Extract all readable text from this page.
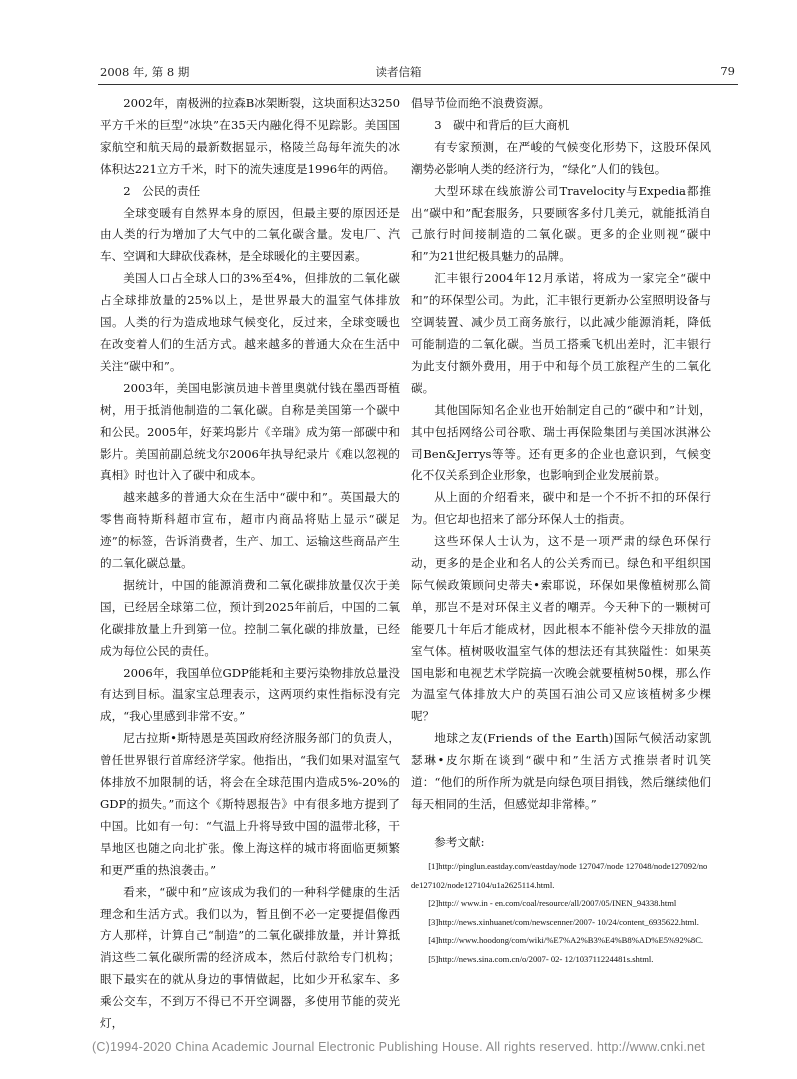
2008 年, 第 8 期	读者信箱	79

2002年，南极洲的拉森B冰架断裂，这块面积达3250平方千米的巨型“冰块”在35天内融化得不见踪影。美国国家航空和航天局的最新数据显示，格陵兰岛每年流失的冰体积达221立方千米，时下的流失速度是1996年的两倍。

2　公民的责任

全球变暖有自然界本身的原因，但最主要的原因还是由人类的行为增加了大气中的二氧化碳含量。发电厂、汽车、空调和大肆砍伐森林，是全球暖化的主要因素。

美国人口占全球人口的3%至4%，但排放的二氧化碳占全球排放量的25%以上，是世界最大的温室气体排放国。人类的行为造成地球气候变化，反过来，全球变暖也在改变着人们的生活方式。越来越多的普通大众在生活中关注“碳中和”。

2003年，美国电影演员迪卡普里奥就付钱在墨西哥植树，用于抵消他制造的二氧化碳。自称是美国第一个碳中和公民。2005年，好莱坞影片《辛瑞》成为第一部碳中和影片。美国前副总统戈尔2006年执导纪录片《难以忽视的真相》时也计入了碳中和成本。

越来越多的普通大众在生活中“碳中和”。英国最大的零售商特斯科超市宣布，超市内商品将贴上显示“碳足迹”的标签，告诉消费者，生产、加工、运输这些商品产生的二氧化碳总量。

据统计，中国的能源消费和二氧化碳排放量仅次于美国，已经居全球第二位，预计到2025年前后，中国的二氧化碳排放量上升到第一位。控制二氧化碳的排放量，已经成为每位公民的责任。

2006年，我国单位GDP能耗和主要污染物排放总量没有达到目标。温家宝总理表示，这两项约束性指标没有完成，“我心里感到非常不安。”

尼古拉斯•斯特恩是英国政府经济服务部门的负责人，曾任世界银行首席经济学家。他指出，“我们如果对温室气体排放不加限制的话，将会在全球范围内造成5%-20%的GDP的损失。”而这个《斯特恩报告》中有很多地方提到了中国。比如有一句：“气温上升将导致中国的温带北移，干旱地区也随之向北扩张。像上海这样的城市将面临更频繁和更严重的热浪袭击。”

看来，“碳中和”应该成为我们的一种科学健康的生活理念和生活方式。我们以为，暂且倒不必一定要提倡像西方人那样，计算自己“制造”的二氧化碳排放量，并计算抵消这些二氧化碳所需的经济成本，然后付款给专门机构；眼下最实在的就从身边的事情做起，比如少开私家车、多乘公交车，不到万不得已不开空调器，多使用节能的荧光灯，

倡导节俭而绝不浪费资源。

3　碳中和背后的巨大商机

有专家预测，在严峻的气候变化形势下，这股环保风潮势必影响人类的经济行为，“绿化”人们的钱包。

大型环球在线旅游公司Travelocity与Expedia都推出“碳中和”配套服务，只要顾客多付几美元，就能抵消自己旅行时间接制造的二氧化碳。更多的企业则视“碳中和”为21世纪极具魅力的品牌。

汇丰银行2004年12月承诺，将成为一家完全“碳中和”的环保型公司。为此，汇丰银行更新办公室照明设备与空调装置、减少员工商务旅行，以此减少能源消耗，降低可能制造的二氧化碳。当员工搭乘飞机出差时，汇丰银行为此支付额外费用，用于中和每个员工旅程产生的二氧化碳。

其他国际知名企业也开始制定自己的“碳中和”计划，其中包括网络公司谷歌、瑞士再保险集团与美国冰淇淋公司Ben&Jerrys等等。还有更多的企业也意识到，气候变化不仅关系到企业形象，也影响到企业发展前景。

从上面的介绍看来，碳中和是一个不折不扣的环保行为。但它却也招来了部分环保人士的指责。

这些环保人士认为，这不是一项严肃的绿色环保行动，更多的是企业和名人的公关秀而已。绿色和平组织国际气候政策顾问史蒂夫•索耶说，环保如果像植树那么简单，那岂不是对环保主义者的嘲弄。今天种下的一颗树可能要几十年后才能成材，因此根本不能补偿今天排放的温室气体。植树吸收温室气体的想法还有其狭隘性：如果英国电影和电视艺术学院搞一次晚会就要植树50棵，那么作为温室气体排放大户的英国石油公司又应该植树多少棵呢？

地球之友(Friends of the Earth)国际气候活动家凯瑟琳•皮尔斯在谈到“碳中和”生活方式推崇者时讥笑道：“他们的所作所为就是向绿色项目捐钱，然后继续他们每天相同的生活，但感觉却非常棒。”

参考文献:

[1]http://pinglun.eastday.com/eastday/node 127047/node 127048/node127092/node127102/node127104/u1a2625114.html.

[2]http:// www.in - en.com/coal/resource/all/2007/05/INEN_94338.html

[3]http://news.xinhuanet/com/newscenner/2007- 10/24/content_6935622.html.

[4]http://www.hoodong/com/wiki/%E7%A2%B3%E4%B8%AD%E5%92%8C.

[5]http://news.sina.com.cn/o/2007- 02- 12/103711224481s.shtml.

(C)1994-2020 China Academic Journal Electronic Publishing House. All rights reserved. http://www.cnki.net
